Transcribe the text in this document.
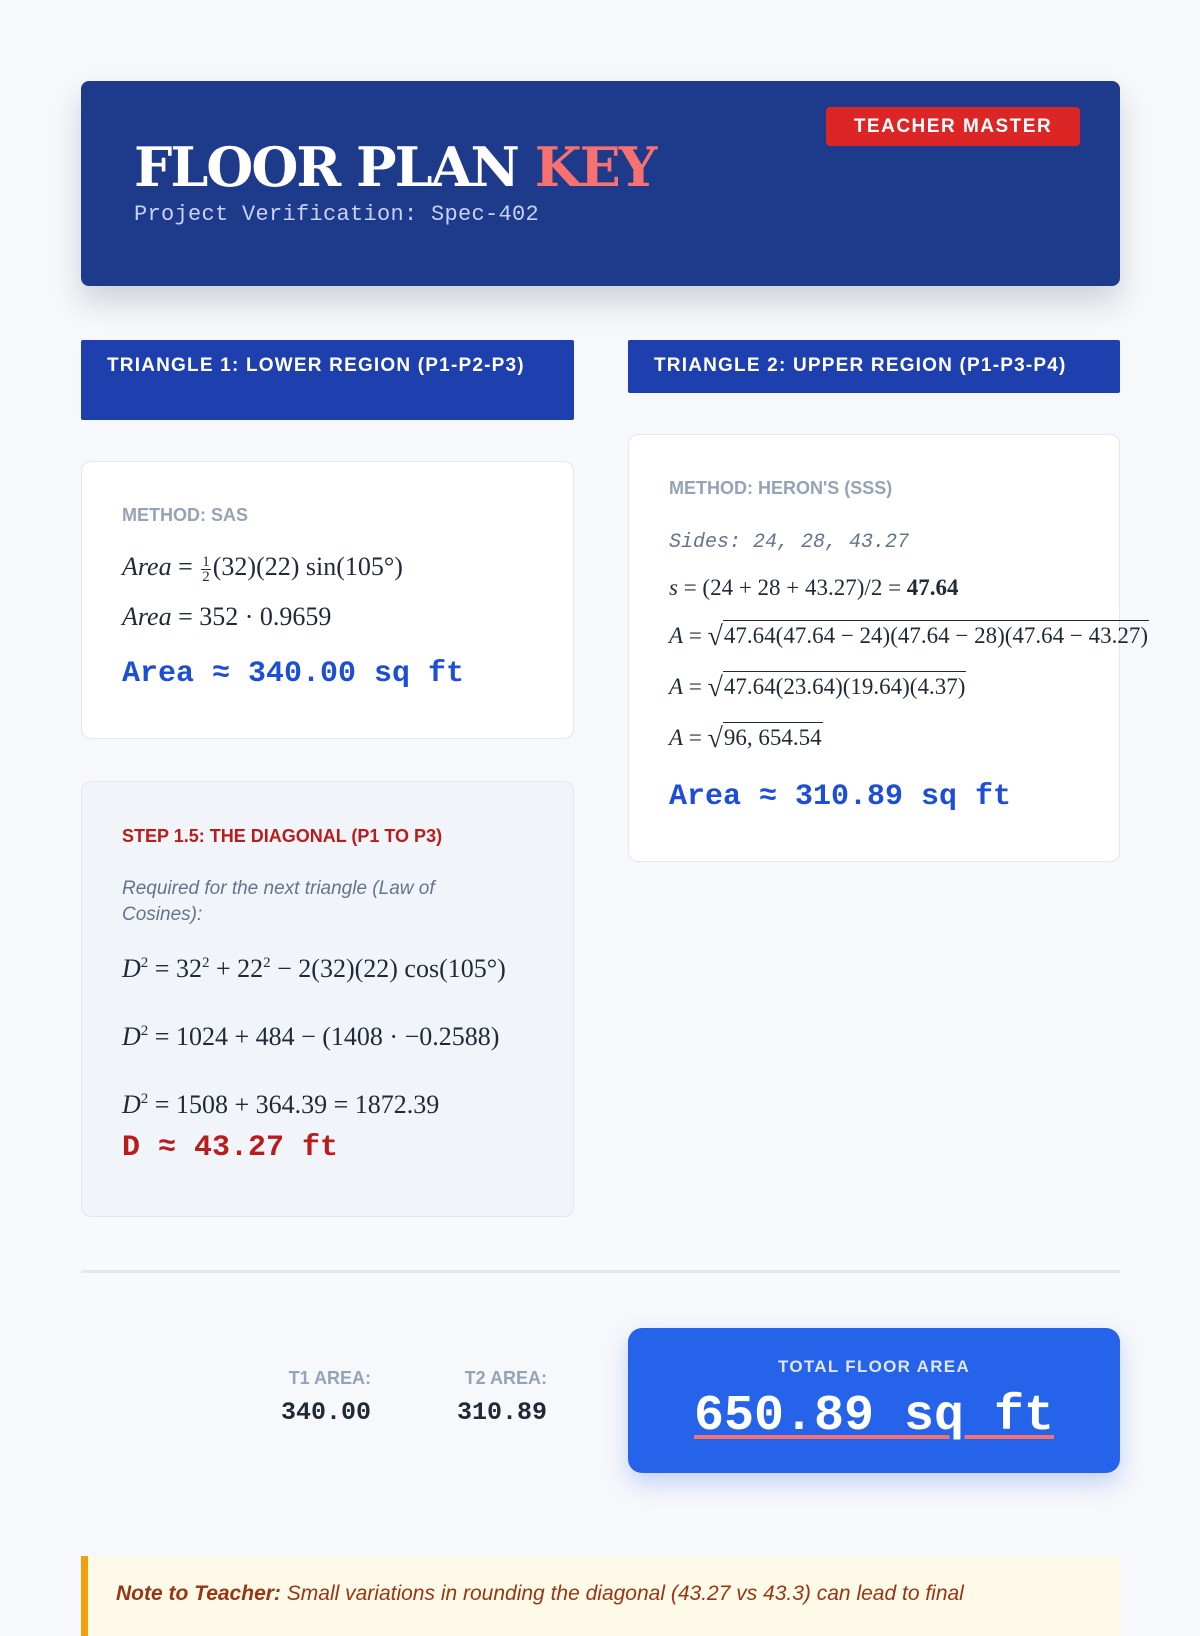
FLOOR PLAN KEY
Project Verification: Spec-402
TEACHER MASTER
TRIANGLE 1: LOWER REGION (P1-P2-P3)
METHOD: SAS
Area = $\frac{1}{2} (32)(22)$ sin(105°)
Area = 352 · 0.9659
Area ≈ 340.00 sq ft
STEP 1.5: THE DIAGONAL (P1 TO P3)
Required for the next triangle (Law of Cosines):
$D^2 = 32^2 + 22^2 - 2(32)(22)$ cos(105°)
$D^2 = 1024 + 484 - (1408 \cdot -0.2588)$
$D^2 = 1508 + 364.39 = 1872.39$
D ≈ 43.27 ft
TRIANGLE 2: UPPER REGION (P1-P3-P4)
METHOD: HERON'S (SSS)
Sides: 24, 28, 43.27
s = (24 + 28 + 43.27)/2 = 47.64
A = √47.64(47.64 − 24)(47.64 − 28)(47.64 − 43.27)
A = √47.64(23.64)(19.64)(4.37)
A = √96, 654.54
Area ≈ 310.89 sq ft
T1 AREA:
340.00
T2 AREA:
310.89
TOTAL FLOOR AREA
650.89 sq ft
Note to Teacher: Small variations in rounding the diagonal (43.27 vs 43.3) can lead to final
